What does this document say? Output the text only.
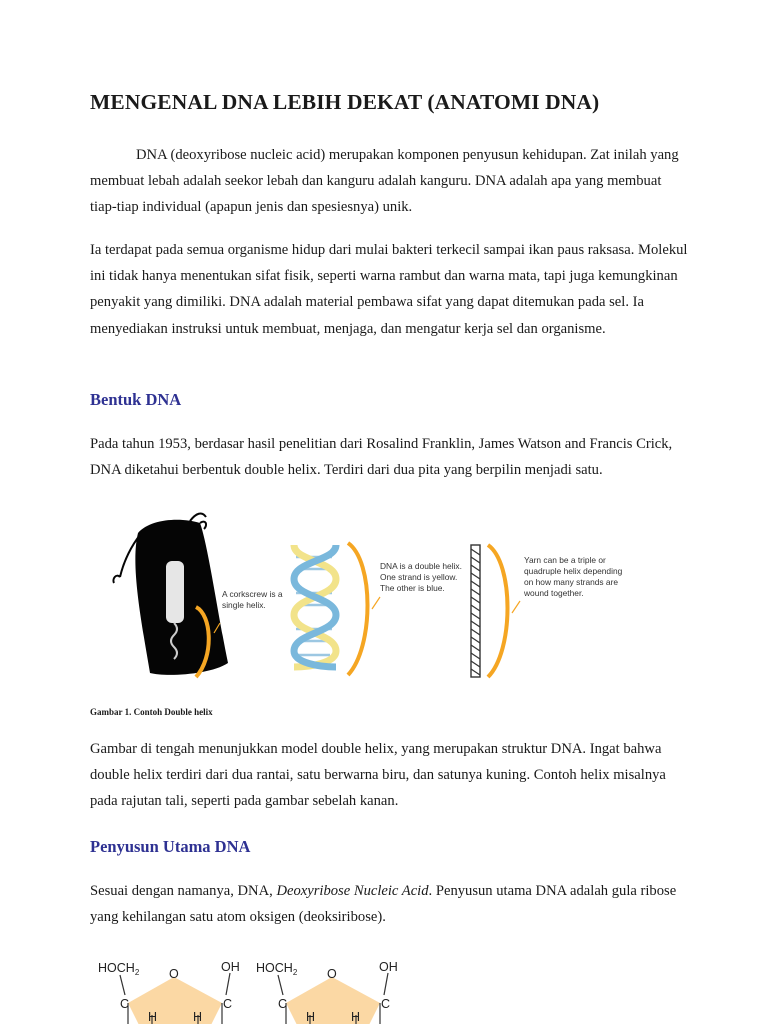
MENGENAL DNA LEBIH DEKAT (ANATOMI DNA)

DNA (deoxyribose nucleic acid) merupakan komponen penyusun kehidupan. Zat inilah yang membuat lebah adalah seekor lebah dan kanguru adalah kanguru. DNA adalah apa yang membuat tiap-tiap individual (apapun jenis dan spesiesnya) unik.

Ia terdapat pada semua organisme hidup dari mulai bakteri terkecil sampai ikan paus raksasa. Molekul ini tidak hanya menentukan sifat fisik, seperti warna rambut dan warna mata, tapi juga kemungkinan penyakit yang dimiliki. DNA adalah material pembawa sifat yang dapat ditemukan pada sel. Ia menyediakan instruksi untuk membuat, menjaga, dan mengatur kerja sel dan organisme.

Bentuk DNA

Pada tahun 1953, berdasar hasil penelitian dari Rosalind Franklin, James Watson and Francis Crick, DNA diketahui berbentuk double helix. Terdiri dari dua pita yang berpilin menjadi satu.

Gambar 1. Contoh Double helix

Gambar di tengah menunjukkan model double helix, yang merupakan struktur DNA. Ingat bahwa double helix terdiri dari dua rantai, satu berwarna biru, dan satunya kuning. Contoh helix misalnya pada rajutan tali, seperti pada gambar sebelah kanan.

Penyusun Utama DNA

Sesuai dengan namanya, DNA, Deoxyribose Nucleic Acid. Penyusun utama DNA adalah gula ribose yang kehilangan satu atom oksigen (deoksiribose).

A corkscrew is a single helix.
DNA is a double helix. One strand is yellow. The other is blue.
Yarn can be a triple or quadruple helix depending on how many strands are wound together.
$HOCH_2$ O	OH
C	C
H	H
$HOCH_2$ O	OH
C	C
H	H
